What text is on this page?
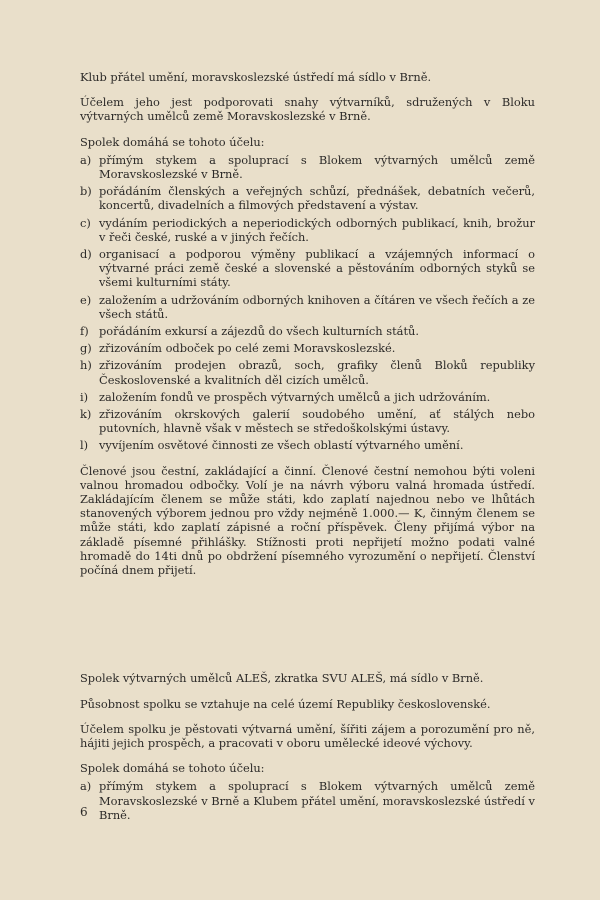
Klub přátel umění, moravskoslezské ústředí má sídlo v Brně.

Účelem jeho jest podporovati snahy výtvarníků, sdružených v Bloku výtvarných umělců země Moravskoslezské v Brně.

Spolek domáhá se tohoto účelu:

a) přímým stykem a spoluprací s Blokem výtvarných umělců země Moravskoslezské v Brně.
b) pořádáním členských a veřejných schůzí, přednášek, debatních večerů, koncertů, divadelních a filmových představení a výstav.
c) vydáním periodických a neperiodických odborných publikací, knih, brožur v řeči české, ruské a v jiných řečích.
d) organisací a podporou výměny publikací a vzájemných informací o výtvarné práci země české a slovenské a pěstováním odborných styků se všemi kulturními státy.
e) založením a udržováním odborných knihoven a čítáren ve všech řečích a ze všech států.
f) pořádáním exkursí a zájezdů do všech kulturních států.
g) zřizováním odboček po celé zemi Moravskoslezské.
h) zřizováním prodejen obrazů, soch, grafiky členů Bloků republiky Československé a kvalitních děl cizích umělců.
i) založením fondů ve prospěch výtvarných umělců a jich udržováním.
k) zřizováním okrskových galerií soudobého umění, ať stálých nebo putovních, hlavně však v městech se středoškolskými ústavy.
l) vyvíjením osvětové činnosti ze všech oblastí výtvarného umění.

Členové jsou čestní, zakládající a činní. Členové čestní nemohou býti voleni valnou hromadou odbočky. Volí je na návrh výboru valná hromada ústředí. Zakládajícím členem se může státi, kdo zaplatí najednou nebo ve lhůtách stanovených výborem jednou pro vždy nejméně 1.000.— K, činným členem se může státi, kdo zaplatí zápisné a roční příspěvek. Členy přijímá výbor na základě písemné přihlášky. Stížnosti proti nepřijetí možno podati valné hromadě do 14ti dnů po obdržení písemného vyrozumění o nepřijetí. Členství počíná dnem přijetí.

Spolek výtvarných umělců ALEŠ, zkratka SVU ALEŠ, má sídlo v Brně.

Působnost spolku se vztahuje na celé území Republiky československé.

Účelem spolku je pěstovati výtvarná umění, šířiti zájem a porozumění pro ně, hájiti jejich prospěch, a pracovati v oboru umělecké ideové výchovy.

Spolek domáhá se tohoto účelu:

a) přímým stykem a spoluprací s Blokem výtvarných umělců země Moravskoslezské v Brně a Klubem přátel umění, moravskoslezské ústředí v Brně.
6
